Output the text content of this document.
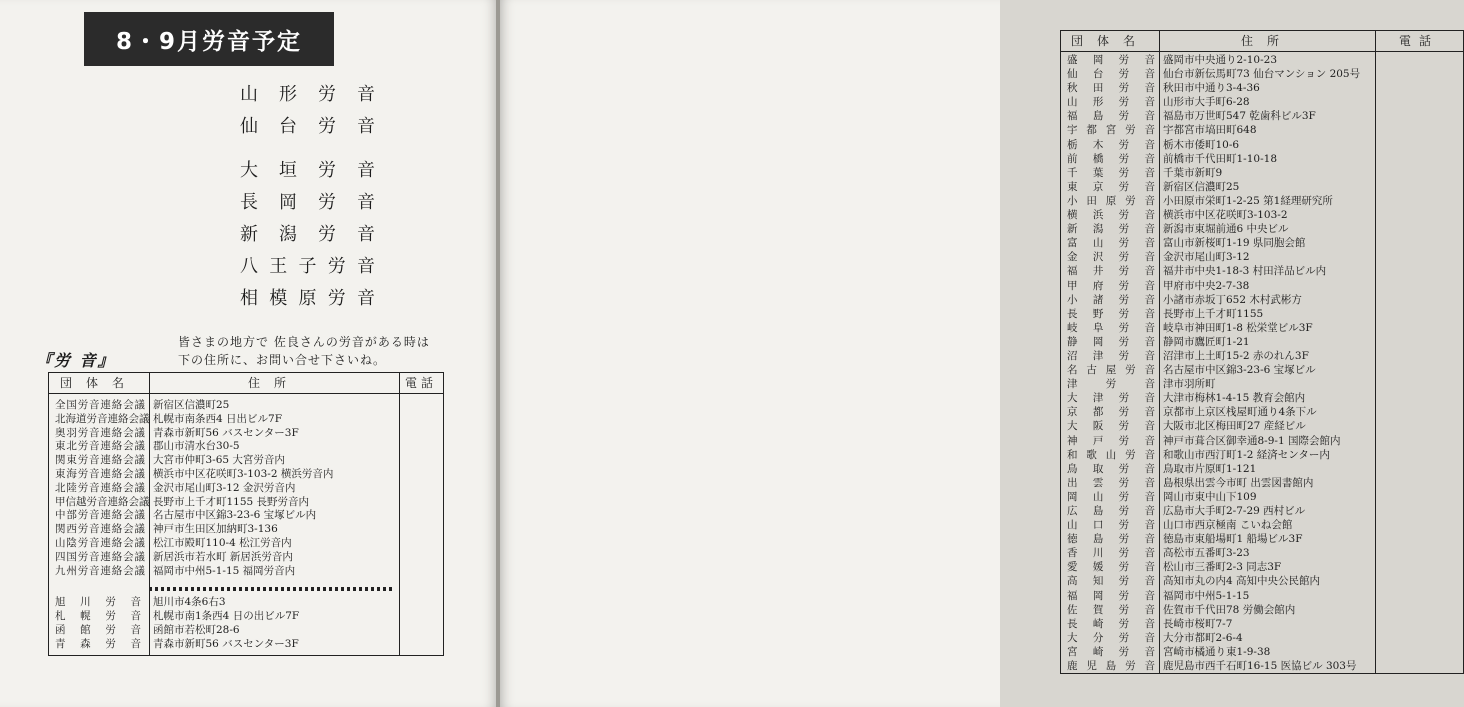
8・9月労音予定
山 形 労 音
仙 台 労 音
大 垣 労 音
長 岡 労 音
新 潟 労 音
八 王 子 労 音
相 模 原 労 音
『労 音』
皆さまの地方で 佐良さんの労音がある時は
下の住所に、お問い合せ下さいね。
団体名	住所	電話
全 国 労 音 連 絡 会 議 新宿区信濃町25
北 海 道 労 音 連 絡 会 議 札幌市南条西4 日出ビル7F
奥 羽 労 音 連 絡 会 議 青森市新町56 バスセンター3F
東 北 労 音 連 絡 会 議 郡山市清水台30-5
関 東 労 音 連 絡 会 議 大宮市仲町3-65 大宮労音内
東 海 労 音 連 絡 会 議 横浜市中区花咲町3-103-2 横浜労音内
北 陸 労 音 連 絡 会 議 金沢市尾山町3-12 金沢労音内
甲 信 越 労 音 連 絡 会 議 長野市上千才町1155 長野労音内
中 部 労 音 連 絡 会 議 名古屋市中区錦3-23-6 宝塚ビル内
関 西 労 音 連 絡 会 議 神戸市生田区加納町3-136
山 陰 労 音 連 絡 会 議 松江市殿町110-4 松江労音内
四 国 労 音 連 絡 会 議 新居浜市若水町 新居浜労音内
九 州 労 音 連 絡 会 議 福岡市中州5-1-15 福岡労音内
旭 川 労 音 旭川市4条6右3
札 幌 労 音 札幌市南1条西4 日の出ビル7F
函 館 労 音 函館市若松町28-6
青 森 労 音 青森市新町56 バスセンター3F
団体名	住所	電話
盛 岡 労 音 盛岡市中央通り2-10-23
仙 台 労 音 仙台市新伝馬町73 仙台マンション 205号
秋 田 労 音 秋田市中通り3-4-36
山 形 労 音 山形市大手町6-28
福 島 労 音 福島市万世町547 乾歯科ビル3F
宇 都 宮 労 音 宇都宮市塙田町648
栃 木 労 音 栃木市倭町10-6
前 橋 労 音 前橋市千代田町1-10-18
千 葉 労 音 千葉市新町9
東 京 労 音 新宿区信濃町25
小 田 原 労 音 小田原市栄町1-2-25 第1経理研究所
横 浜 労 音 横浜市中区花咲町3-103-2
新 潟 労 音 新潟市東堀前通6 中央ビル
富 山 労 音 富山市新桜町1-19 県同胞会館
金 沢 労 音 金沢市尾山町3-12
福 井 労 音 福井市中央1-18-3 村田洋品ビル内
甲 府 労 音 甲府市中央2-7-38
小 諸 労 音 小諸市赤坂丁652 木村武彬方
長 野 労 音 長野市上千才町1155
岐 阜 労 音 岐阜市神田町1-8 松栄堂ビル3F
静 岡 労 音 静岡市鷹匠町1-21
沼 津 労 音 沼津市上土町15-2 赤のれん3F
名 古 屋 労 音 名古屋市中区錦3-23-6 宝塚ビル
津	労	音 津市羽所町
大 津 労 音 大津市梅林1-4-15 教育会館内
京 都 労 音 京都市上京区栈屋町通り4条下ル
大 阪 労 音 大阪市北区梅田町27 産経ビル
神 戸 労 音 神戸市葺合区御幸通8-9-1 国際会館内
和 歌 山 労 音 和歌山市西汀町1-2 経済センター内
鳥 取 労 音 鳥取市片原町1-121
出 雲 労 音 島根県出雲今市町 出雲図書館内
岡 山 労 音 岡山市東中山下109
広 島 労 音 広島市大手町2-7-29 西村ビル
山 口 労 音 山口市西京極南 こいね会館
徳 島 労 音 徳島市東船場町1 船場ビル3F
香 川 労 音 高松市五番町3-23
愛 媛 労 音 松山市三番町2-3 同志3F
高 知 労 音 高知市丸の内4 高知中央公民館内
福 岡 労 音 福岡市中州5-1-15
佐 賀 労 音 佐賀市千代田78 労働会館内
長 崎 労 音 長崎市桜町7-7
大 分 労 音 大分市都町2-6-4
宮 崎 労 音 宮崎市橘通り東1-9-38
鹿 児 島 労 音 鹿児島市西千石町16-15 医協ビル 303号
